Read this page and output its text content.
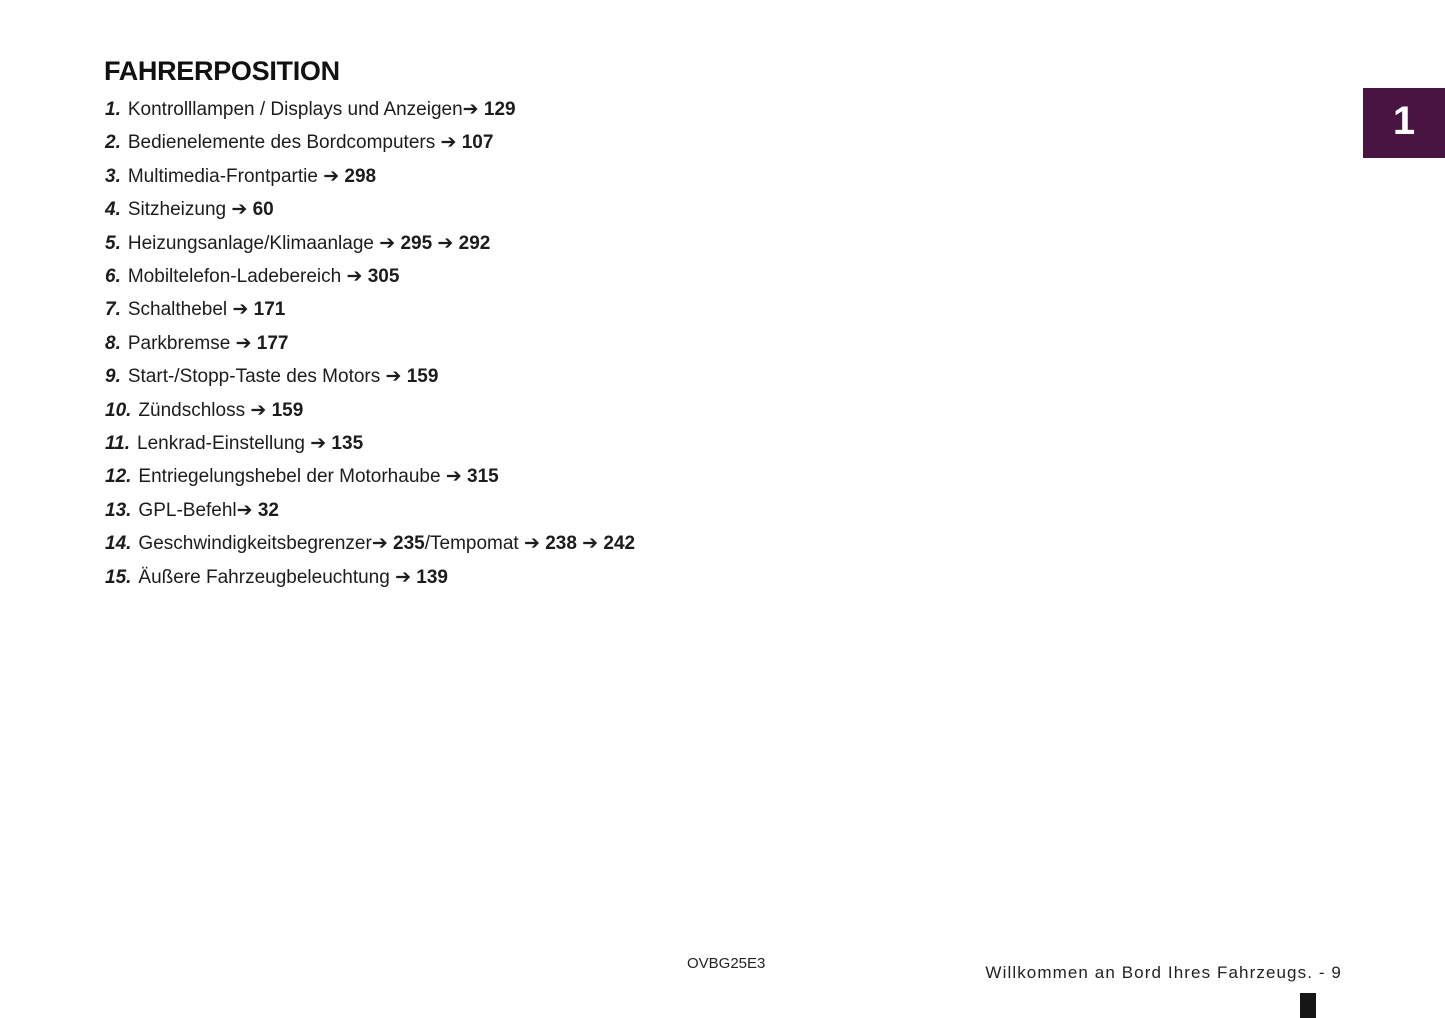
FAHRERPOSITION
1. Kontrolllampen / Displays und Anzeigen➔ 129
2. Bedienelemente des Bordcomputers ➔ 107
3. Multimedia-Frontpartie ➔ 298
4. Sitzheizung ➔ 60
5. Heizungsanlage/Klimaanlage ➔ 295 ➔ 292
6. Mobiltelefon-Ladebereich ➔ 305
7. Schalthebel ➔ 171
8. Parkbremse ➔ 177
9. Start-/Stopp-Taste des Motors ➔ 159
10. Zündschloss ➔ 159
11. Lenkrad-Einstellung ➔ 135
12. Entriegelungshebel der Motorhaube ➔ 315
13. GPL-Befehl➔ 32
14. Geschwindigkeitsbegrenzer➔ 235/Tempomat ➔ 238 ➔ 242
15. Äußere Fahrzeugbeleuchtung ➔ 139
1
OVBG25E3	Willkommen an Bord Ihres Fahrzeugs. - 9
